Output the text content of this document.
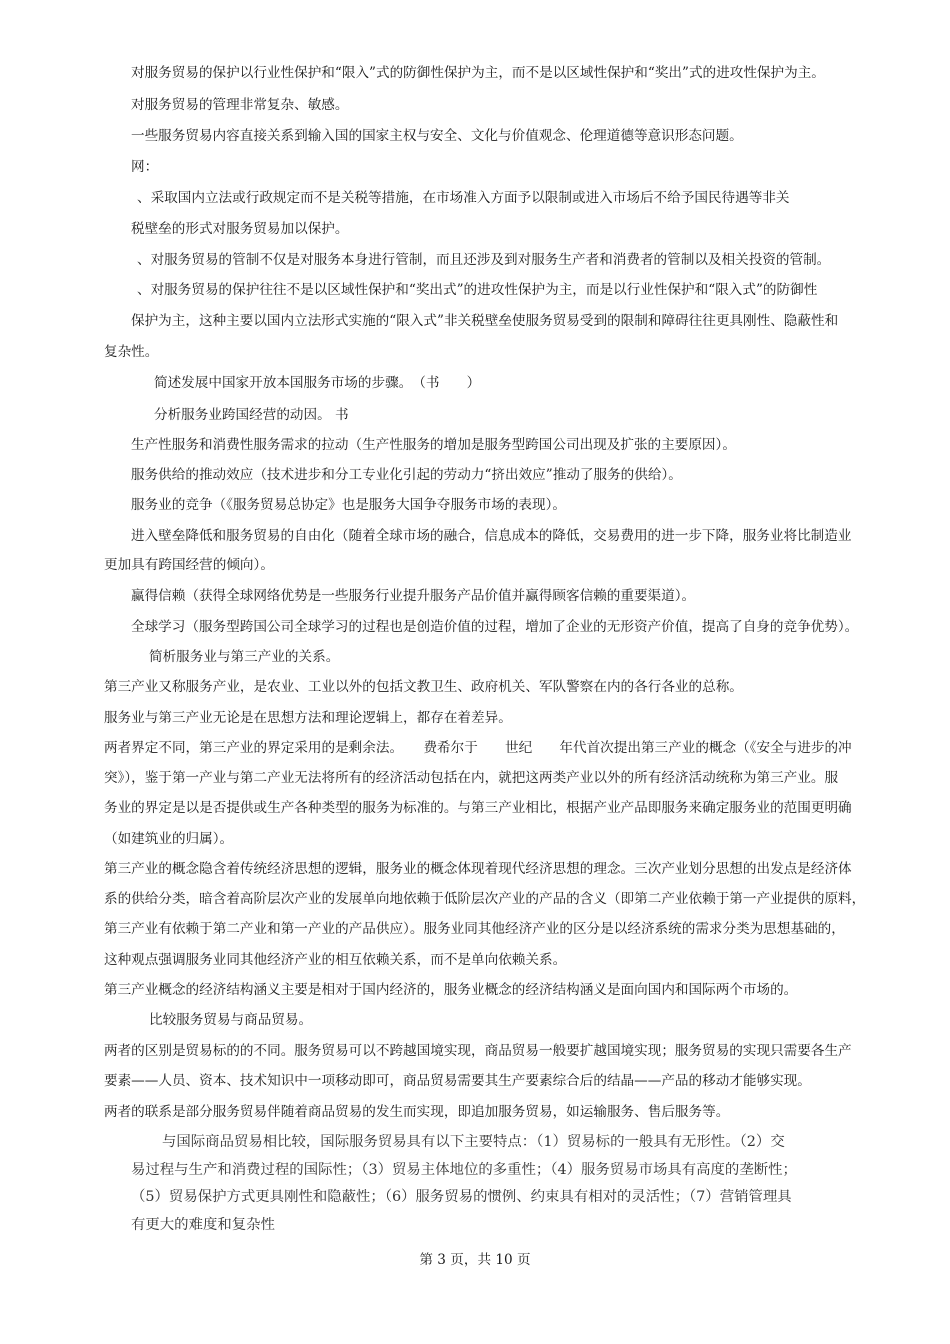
对服务贸易的保护以行业性保护和“限入”式的防御性保护为主，而不是以区域性保护和“奖出”式的进攻性保护为主。

对服务贸易的管理非常复杂、敏感。

一些服务贸易内容直接关系到输入国的国家主权与安全、文化与价值观念、伦理道德等意识形态问题。

网：

、采取国内立法或行政规定而不是关税等措施，在市场准入方面予以限制或进入市场后不给予国民待遇等非关

税壁垒的形式对服务贸易加以保护。

、对服务贸易的管制不仅是对服务本身进行管制，而且还涉及到对服务生产者和消费者的管制以及相关投资的管制。

、对服务贸易的保护往往不是以区域性保护和“奖出式”的进攻性保护为主，而是以行业性保护和“限入式”的防御性

保护为主，这种主要以国内立法形式实施的“限入式”非关税壁垒使服务贸易受到的限制和障碍往往更具刚性、隐蔽性和

复杂性。

简述发展中国家开放本国服务市场的步骤。　（书　　）

分析服务业跨国经营的动因。 书

生产性服务和消费性服务需求的拉动（生产性服务的增加是服务型跨国公司出现及扩张的主要原因）。

服务供给的推动效应（技术进步和分工专业化引起的劳动力“挤出效应”推动了服务的供给）。

服务业的竞争（《服务贸易总协定》也是服务大国争夺服务市场的表现）。

进入壁垒降低和服务贸易的自由化（随着全球市场的融合，信息成本的降低，交易费用的进一步下降，服务业将比制造业

更加具有跨国经营的倾向）。

赢得信赖（获得全球网络优势是一些服务行业提升服务产品价值并赢得顾客信赖的重要渠道）。

全球学习（服务型跨国公司全球学习的过程也是创造价值的过程，增加了企业的无形资产价值，提高了自身的竞争优势）。

简析服务业与第三产业的关系。

第三产业又称服务产业，是农业、工业以外的包括文教卫生、政府机关、军队警察在内的各行各业的总称。

服务业与第三产业无论是在思想方法和理论逻辑上，都存在着差异。

两者界定不同，第三产业的界定采用的是剩余法。　　费希尔于　　世纪　　年代首次提出第三产业的概念（《安全与进步的冲

突》），鉴于第一产业与第二产业无法将所有的经济活动包括在内，就把这两类产业以外的所有经济活动统称为第三产业。服

务业的界定是以是否提供或生产各种类型的服务为标准的。与第三产业相比，根据产业产品即服务来确定服务业的范围更明确

（如建筑业的归属）。

第三产业的概念隐含着传统经济思想的逻辑，服务业的概念体现着现代经济思想的理念。三次产业划分思想的出发点是经济体

系的供给分类，暗含着高阶层次产业的发展单向地依赖于低阶层次产业的产品的含义（即第二产业依赖于第一产业提供的原料，

第三产业有依赖于第二产业和第一产业的产品供应）。服务业同其他经济产业的区分是以经济系统的需求分类为思想基础的，

这种观点强调服务业同其他经济产业的相互依赖关系，而不是单向依赖关系。

第三产业概念的经济结构涵义主要是相对于国内经济的，服务业概念的经济结构涵义是面向国内和国际两个市场的。

比较服务贸易与商品贸易。

两者的区别是贸易标的的不同。服务贸易可以不跨越国境实现，商品贸易一般要扩越国境实现；服务贸易的实现只需要各生产

要素——人员、资本、技术知识中一项移动即可，商品贸易需要其生产要素综合后的结晶——产品的移动才能够实现。

两者的联系是部分服务贸易伴随着商品贸易的发生而实现，即追加服务贸易，如运输服务、售后服务等。

与国际商品贸易相比较，国际服务贸易具有以下主要特点：（1）贸易标的一般具有无形性。（2）交

易过程与生产和消费过程的国际性；（3）贸易主体地位的多重性；（4）服务贸易市场具有高度的垄断性；

（5）贸易保护方式更具刚性和隐蔽性；（6）服务贸易的惯例、约束具有相对的灵活性；（7）营销管理具

有更大的难度和复杂性

第 3 页，共 10 页
